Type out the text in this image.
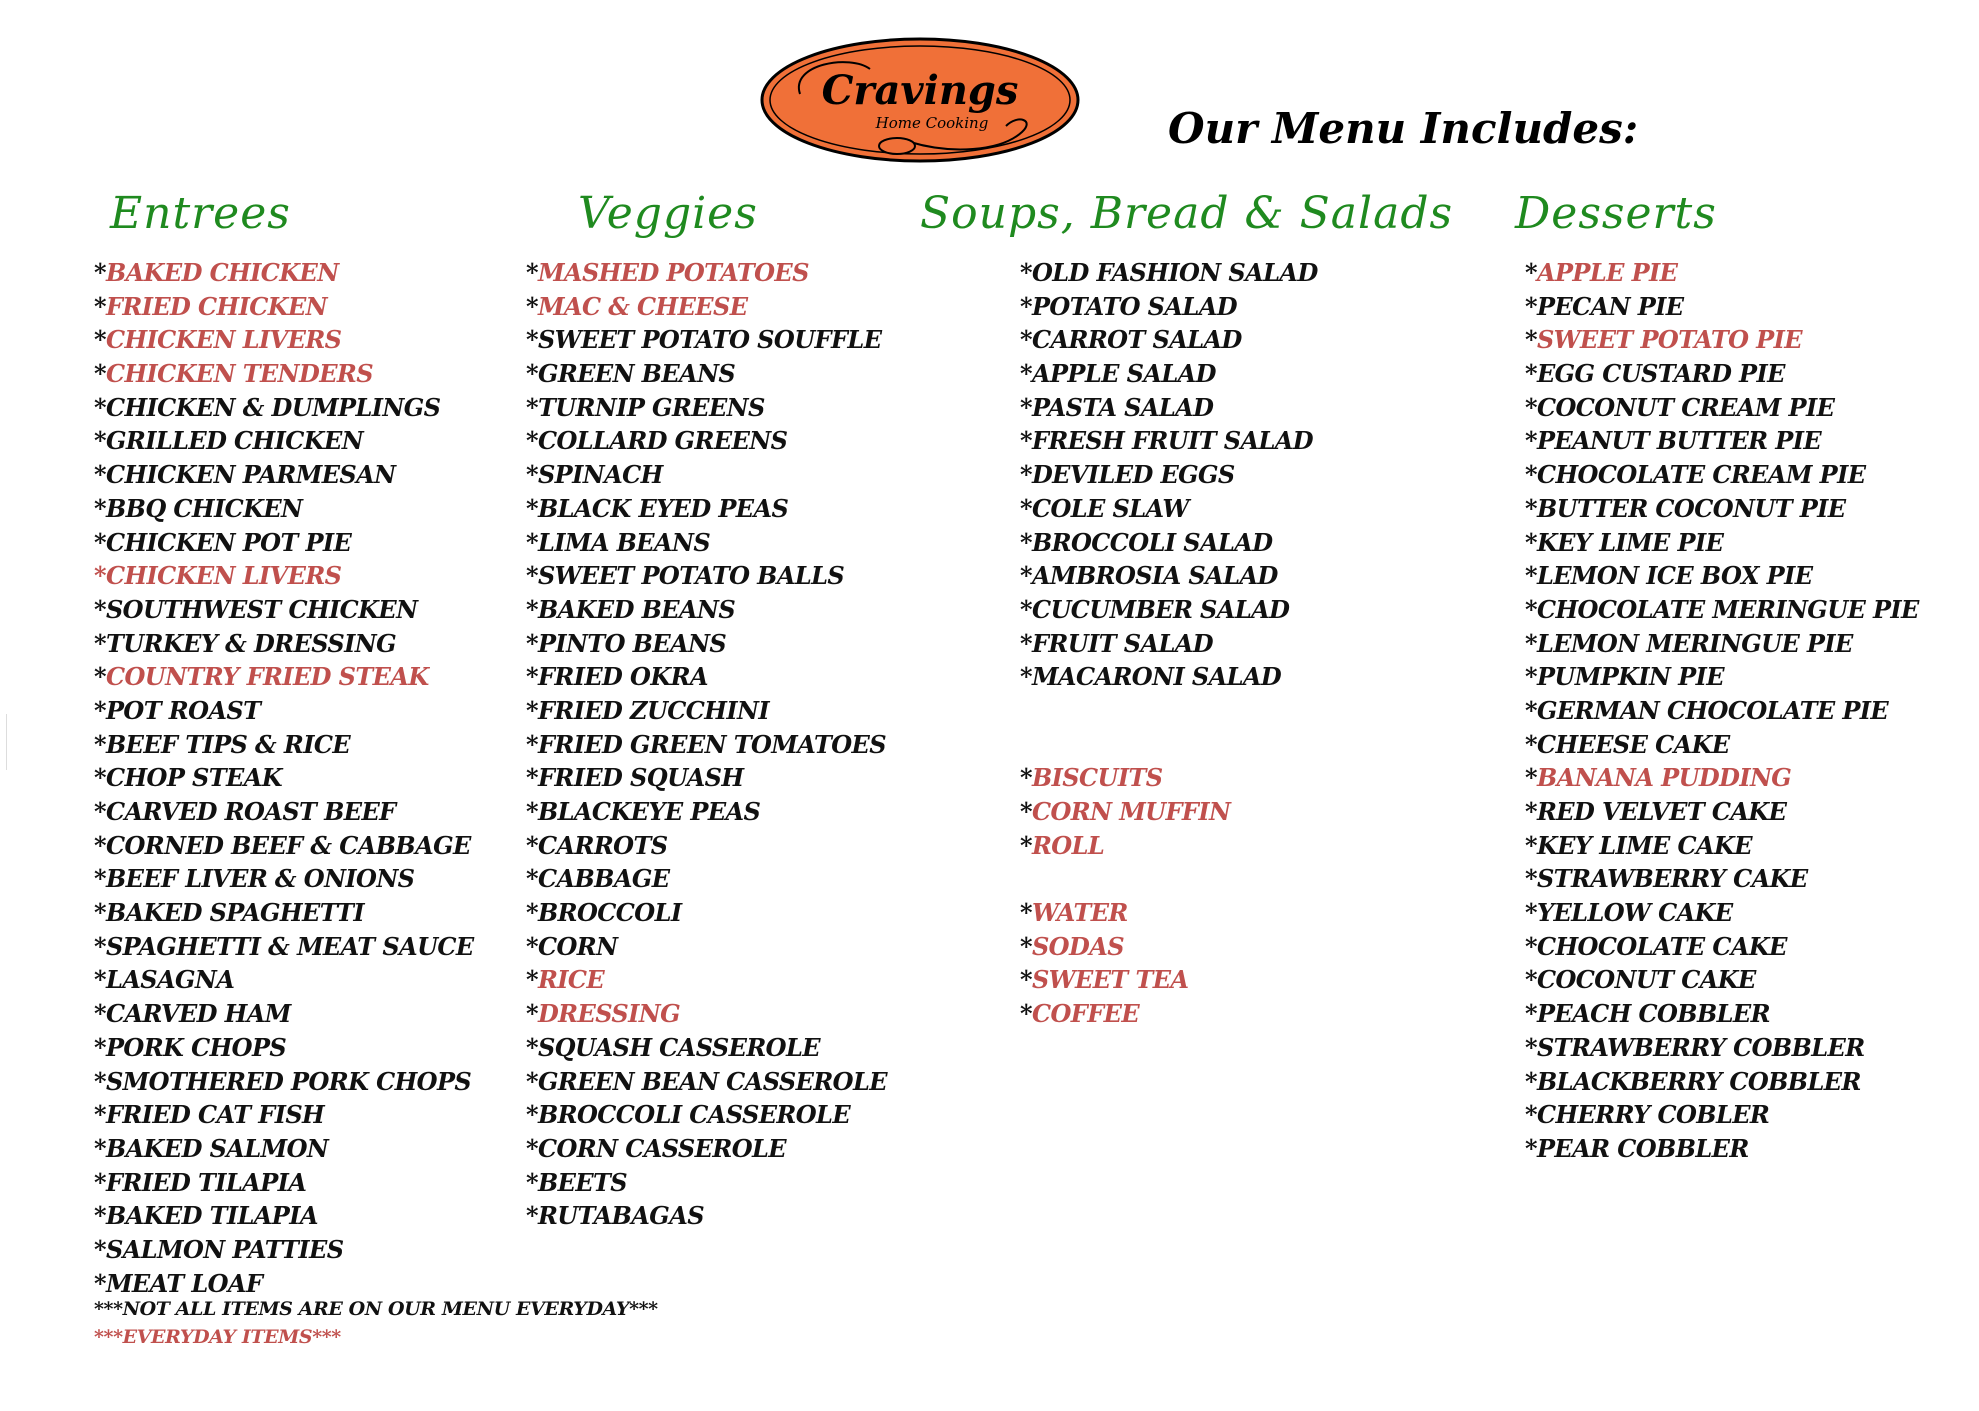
Cravings
Home Cooking	Our Menu Includes:
Entrees	Veggies	Soups, Bread & Salads Desserts
*BAKED CHICKEN
*FRIED CHICKEN
*CHICKEN LIVERS
*CHICKEN TENDERS
*CHICKEN & DUMPLINGS
*GRILLED CHICKEN
*CHICKEN PARMESAN
*BBQ CHICKEN
*CHICKEN POT PIE
*CHICKEN LIVERS
*SOUTHWEST CHICKEN
*TURKEY & DRESSING
*COUNTRY FRIED STEAK
*POT ROAST
*BEEF TIPS & RICE
*CHOP STEAK
*CARVED ROAST BEEF
*CORNED BEEF & CABBAGE
*BEEF LIVER & ONIONS
*BAKED SPAGHETTI
*SPAGHETTI & MEAT SAUCE
*LASAGNA
*CARVED HAM
*PORK CHOPS
*SMOTHERED PORK CHOPS
*FRIED CAT FISH
*BAKED SALMON
*FRIED TILAPIA
*BAKED TILAPIA
*SALMON PATTIES
*MEAT LOAF
*MASHED POTATOES
*MAC & CHEESE
*SWEET POTATO SOUFFLE
*GREEN BEANS
*TURNIP GREENS
*COLLARD GREENS
*SPINACH
*BLACK EYED PEAS
*LIMA BEANS
*SWEET POTATO BALLS
*BAKED BEANS
*PINTO BEANS
*FRIED OKRA
*FRIED ZUCCHINI
*FRIED GREEN TOMATOES
*FRIED SQUASH
*BLACKEYE PEAS
*CARROTS
*CABBAGE
*BROCCOLI
*CORN
*RICE
*DRESSING
*SQUASH CASSEROLE
*GREEN BEAN CASSEROLE
*BROCCOLI CASSEROLE
*CORN CASSEROLE
*BEETS
*RUTABAGAS
*OLD FASHION SALAD
*POTATO SALAD
*CARROT SALAD
*APPLE SALAD
*PASTA SALAD
*FRESH FRUIT SALAD
*DEVILED EGGS
*COLE SLAW
*BROCCOLI SALAD
*AMBROSIA SALAD
*CUCUMBER SALAD
*FRUIT SALAD
*MACARONI SALAD
*BISCUITS
*CORN MUFFIN
*ROLL
*WATER
*SODAS
*SWEET TEA
*COFFEE
*APPLE PIE
*PECAN PIE
*SWEET POTATO PIE
*EGG CUSTARD PIE
*COCONUT CREAM PIE
*PEANUT BUTTER PIE
*CHOCOLATE CREAM PIE
*BUTTER COCONUT PIE
*KEY LIME PIE
*LEMON ICE BOX PIE
*CHOCOLATE MERINGUE PIE
*LEMON MERINGUE PIE
*PUMPKIN PIE
*GERMAN CHOCOLATE PIE
*CHEESE CAKE
*BANANA PUDDING
*RED VELVET CAKE
*KEY LIME CAKE
*STRAWBERRY CAKE
*YELLOW CAKE
*CHOCOLATE CAKE
*COCONUT CAKE
*PEACH COBBLER
*STRAWBERRY COBBLER
*BLACKBERRY COBBLER
*CHERRY COBLER
*PEAR COBBLER
***NOT ALL ITEMS ARE ON OUR MENU EVERYDAY***
***EVERYDAY ITEMS***
